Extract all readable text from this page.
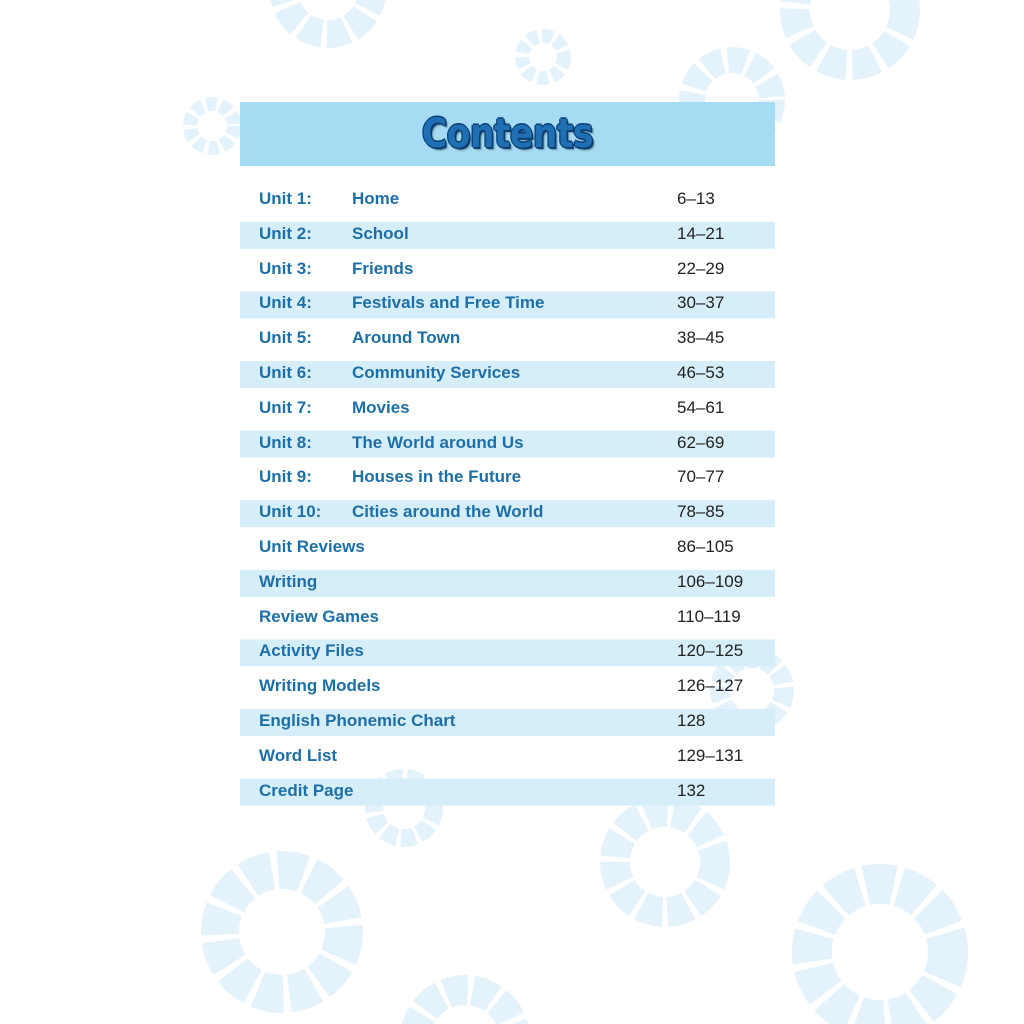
Contents
Unit 1: Home	6–13
Unit 2: School	14–21
Unit 3: Friends	22–29
Unit 4: Festivals and Free Time	30–37
Unit 5: Around Town	38–45
Unit 6: Community Services	46–53
Unit 7: Movies	54–61
Unit 8: The World around Us	62–69
Unit 9: Houses in the Future	70–77
Unit 10: Cities around the World	78–85
Unit Reviews	86–105
Writing	106–109
Review Games	110–119
Activity Files	120–125
Writing Models	126–127
English Phonemic Chart	128
Word List	129–131
Credit Page	132
